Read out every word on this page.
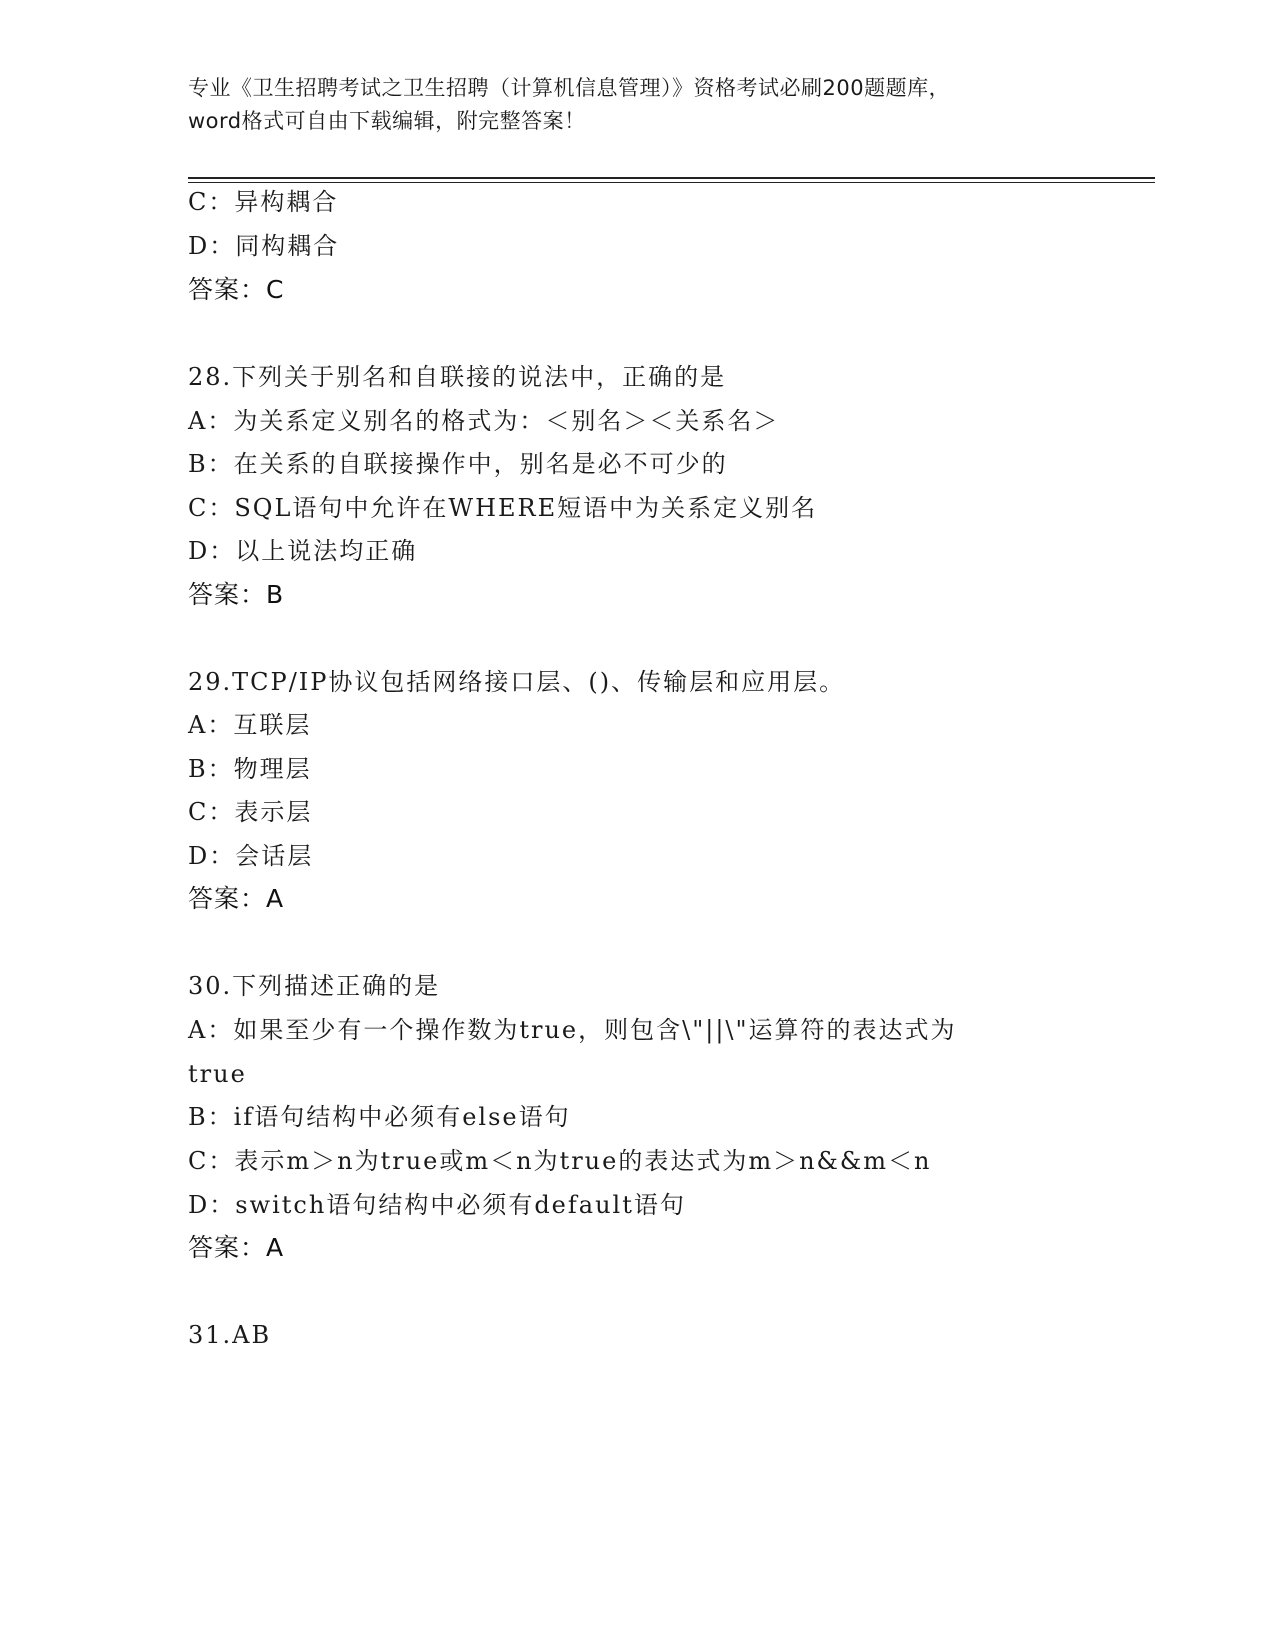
专业《卫生招聘考试之卫生招聘（计算机信息管理）》资格考试必刷200题题库，
word格式可自由下载编辑，附完整答案！
C：异构耦合
D：同构耦合
答案：C
28.下列关于别名和自联接的说法中，正确的是
A：为关系定义别名的格式为：＜别名＞＜关系名＞
B：在关系的自联接操作中，别名是必不可少的
C：SQL语句中允许在WHERE短语中为关系定义别名
D：以上说法均正确
答案：B
29.TCP/IP协议包括网络接口层、()、传输层和应用层。
A：互联层
B：物理层
C：表示层
D：会话层
答案：A
30.下列描述正确的是
A：如果至少有一个操作数为true，则包含\"||\"运算符的表达式为
true
B：if语句结构中必须有else语句
C：表示m＞n为true或m＜n为true的表达式为m＞n&&m＜n
D：switch语句结构中必须有default语句
答案：A
31.AB
